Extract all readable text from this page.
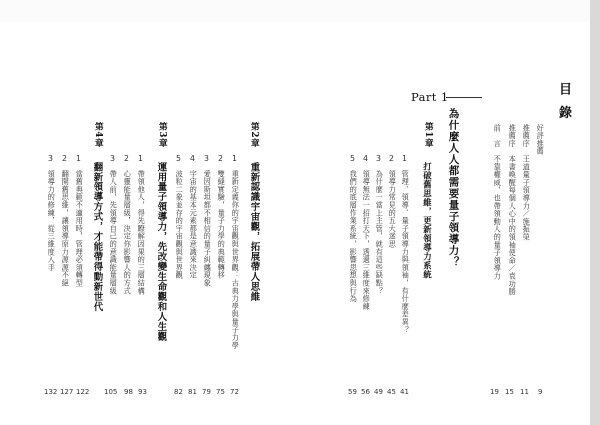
目 錄
好評推薦
9
推薦序　王道量子領導力／施振榮
11
推薦序　本書喚醒每個人心中的領袖使命／袁功勝
15
前　言　不靠權威，也帶領動人的量子領導力
19
Part 1
為什麼人人都需要量子領導力？
第1章
打破舊思維，更新領導力系統
1
管理、領導、量子領導力與領袖，有什麼差異？
41
2
領導力常見的五大迷思
45
3
為什麼一當上主管，就有這些缺點？
49
4
領導無法一招打天下，透過三維度來修練
56
5
我們的底層作業系統，影響思想與行為
59
第2章
重新認識宇宙觀，拓展帶人思維
1
重新定義你的宇宙觀與世界觀：古典力學與量子力學
72
2
雙縫實驗，量子力學的典範轉移
75
3
愛因斯坦都不相信的量子糾纏現象
79
4
宇宙的基本元素都是意識來決定
81
5
波粒二象並存的宇宙觀與世界觀
82
第3章
運用量子領導力，先改變生命觀和人生觀
1
帶領他人，得先瞭解因果的三層結構
93
2
心靈能量層級，決定你影響人的方式
98
3
帶人前，先領導自己的意識能量層級
105
第4章
翻新領導方式，才能帶得動新世代
1
當舊典範不適用時，管理必須轉型
122
2
翻開舊思維，讓領導原力源源不絕
127
3
領導力的修練，從三維度入手
132
